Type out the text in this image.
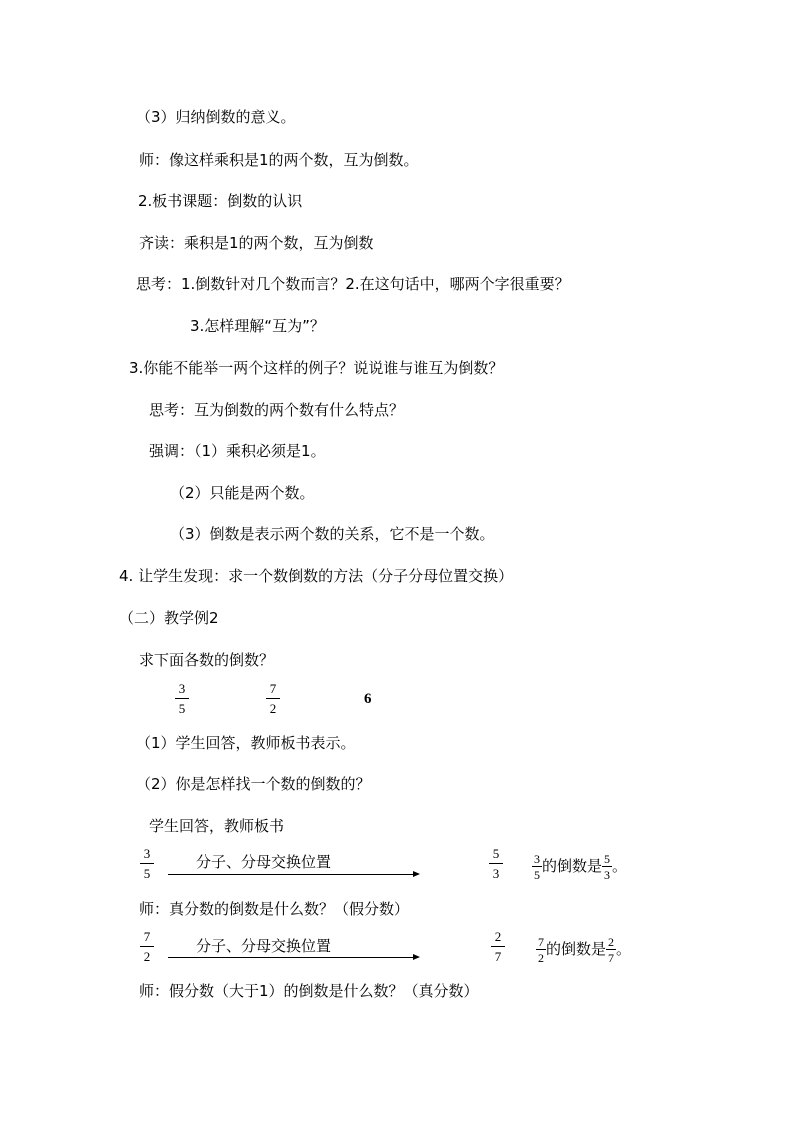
（3）归纳倒数的意义。
师：像这样乘积是1的两个数，互为倒数。
2.板书课题：倒数的认识
齐读：乘积是1的两个数，互为倒数
思考：1.倒数针对几个数而言？2.在这句话中，哪两个字很重要？
3.怎样理解“互为”？
3.你能不能举一两个这样的例子？说说谁与谁互为倒数？
思考：互为倒数的两个数有什么特点？
强调：（1）乘积必须是1。
（2）只能是两个数。
（3）倒数是表示两个数的关系，它不是一个数。
4. 让学生发现：求一个数倒数的方法（分子分母位置交换）
（二）教学例2
求下面各数的倒数？
3
5
7
2
6
（1）学生回答，教师板书表示。
（2）你是怎样找一个数的倒数的？
学生回答，教师板书
3
5
分子、分母交换位置	5
3	$\frac{3}{5}$ 的倒数是 $\frac{5}{3}$ 。
师：真分数的倒数是什么数？（假分数）
7
2
分子、分母交换位置
2
7	$\frac{7}{2}$ 的倒数是 $\frac{2}{7}$ 。
师：假分数（大于1）的倒数是什么数？（真分数）
